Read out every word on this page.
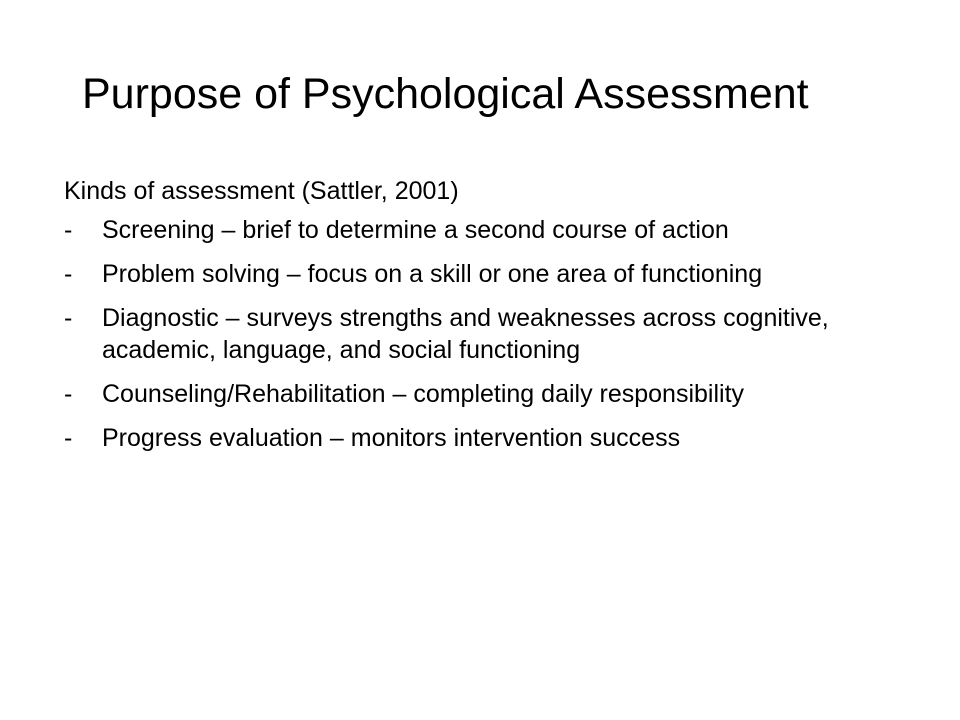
Purpose of Psychological Assessment

Kinds of assessment (Sattler, 2001)

-	Screening – brief to determine a second course of action
-	Problem solving – focus on a skill or one area of functioning
-	Diagnostic – surveys strengths and weaknesses across cognitive, academic, language, and social functioning
-	Counseling/Rehabilitation – completing daily responsibility
-	Progress evaluation – monitors intervention success
